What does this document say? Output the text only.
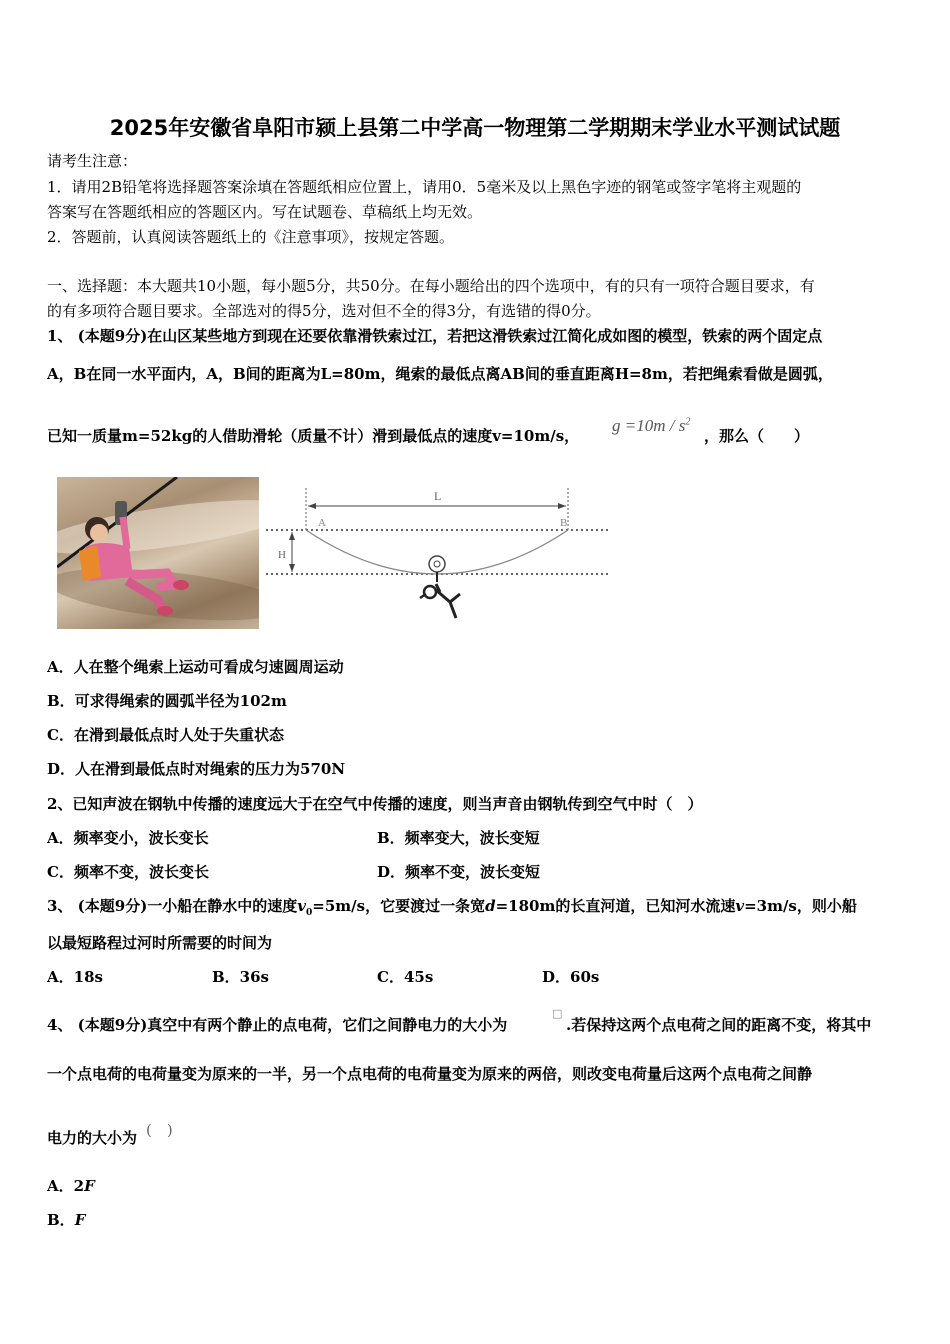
2025年安徽省阜阳市颍上县第二中学高一物理第二学期期末学业水平测试试题
请考生注意：
1．请用2B铅笔将选择题答案涂填在答题纸相应位置上，请用0．5毫米及以上黑色字迹的钢笔或签字笔将主观题的
答案写在答题纸相应的答题区内。写在试题卷、草稿纸上均无效。
2．答题前，认真阅读答题纸上的《注意事项》，按规定答题。
一、选择题：本大题共10小题，每小题5分，共50分。在每小题给出的四个选项中，有的只有一项符合题目要求，有
的有多项符合题目要求。全部选对的得5分，选对但不全的得3分，有选错的得0分。
1、 (本题9分)在山区某些地方到现在还要依靠滑铁索过江，若把这滑铁索过江简化成如图的模型，铁索的两个固定点
A，B在同一水平面内，A，B间的距离为L=80m，绳索的最低点离AB间的垂直距离H=8m，若把绳索看做是圆弧，
已知一质量m=52kg的人借助滑轮（质量不计）滑到最低点的速度v=10m/s，
$g =10m / s^2$
，那么（　　）
L
A	B
H
A．人在整个绳索上运动可看成匀速圆周运动
B．可求得绳索的圆弧半径为102m
C．在滑到最低点时人处于失重状态
D．人在滑到最低点时对绳索的压力为570N
2、已知声波在钢轨中传播的速度远大于在空气中传播的速度，则当声音由钢轨传到空气中时（　）
A．频率变小，波长变长	B．频率变大，波长变短
C．频率不变，波长变长	D．频率不变，波长变短
3、 (本题9分)一小船在静水中的速度$v_0=5m/s$，它要渡过一条宽d=180m的长直河道，已知河水流速v=3m/s，则小船
以最短路程过河时所需要的时间为
A．18s	B．36s	C．45s	D．60s
4、 (本题9分)真空中有两个静止的点电荷，它们之间静电力的大小为
□
.若保持这两个点电荷之间的距离不变，将其中
一个点电荷的电荷量变为原来的一半，另一个点电荷的电荷量变为原来的两倍，则改变电荷量后这两个点电荷之间静
电力的大小为 (　)
A．2F
B．F
